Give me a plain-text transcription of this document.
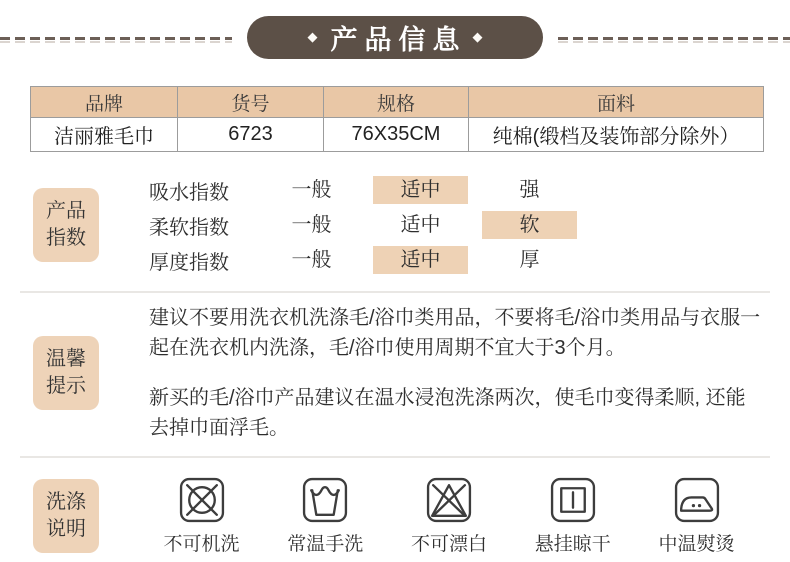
◆ 产品信息 ◆
品牌	货号	规格	面料
洁丽雅毛巾	6723	76X35CM	纯棉(缎档及装饰部分除外）
产品
指数
吸水指数	一般	适中	强
柔软指数	一般	适中	软
厚度指数	一般	适中	厚
温馨
提示

建议不要用洗衣机洗涤毛/浴巾类用品，不要将毛/浴巾类用品与衣服一起在洗衣机内洗涤，毛/浴巾使用周期不宜大于3个月。

新买的毛/浴巾产品建议在温水浸泡洗涤两次，使毛巾变得柔顺, 还能去掉巾面浮毛。

洗涤
说明
不可机洗	常温手洗	不可漂白	悬挂晾干	中温熨烫
